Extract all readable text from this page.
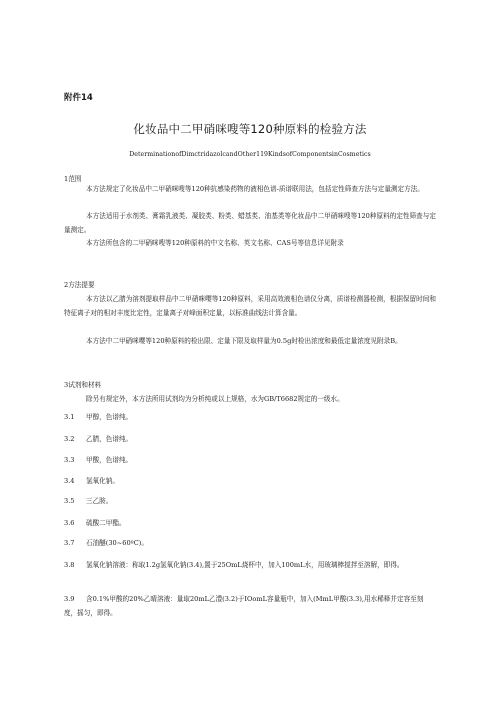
附件14
化妆品中二甲硝咪嗖等120种原料的检验方法
DeterminationofDimctridazolcandOther119KindsofComponentsinCosmetics
1范围
本方法规定了化妆品中二甲硝咪嗖等120种抗感染药物的液相色谱-质谱联用法，包括定性筛查方法与定量测定方法。
本方法适用于水剂类、膏霜乳液类、凝胶类、粉类、蜡基类、油基类等化妆品中二甲硝咪嗖等120种原料的定性筛查与定量测定。
本方法所包含的二甲硝咪嗖等120种原料的中文名称、英文名称、CAS号等信息详见附录
2方法提要
本方法以乙腈为溶剂提取样品中二甲硝咪嘤等120种原料，采用高效液相色谱仪分离，质谱检测器检测，根据保留时间和特征离子对的相对丰度比定性，定量离子对峰面积定量，以标准曲线法计算含量。
本方法中二甲硝咪嘤等120种原料的检出限、定量下限及取样量为0.5g时检出浓度和最低定量浓度见附录B。
3试剂和材料
除另有规定外，本方法所用试剂均为分析纯或以上规格，水为GB/T6682规定的一级水。
3.1 甲醇，色谱纯。
3.2 乙腈，色谱纯。
3.3 甲酸，色谱纯。
3.4 氢氧化钠。
3.5 三乙胺。
3.6 硫酸二甲酯。
3.7 石油醚(30~60ºC)。
3.8 氢氧化钠溶液：称取1.2g氢氧化钠(3.4),置于25OmL烧杯中，加入100mL水，用玻璃棒搅拌至溶解，即得。
3.9 含0.1%甲酸的20%乙晴溶液：量取20mL乙澧(3.2)于IOomL容量瓶中，加入(MmL甲酸(3.3),用水稀释并定容至刻度，摇匀，即得。
